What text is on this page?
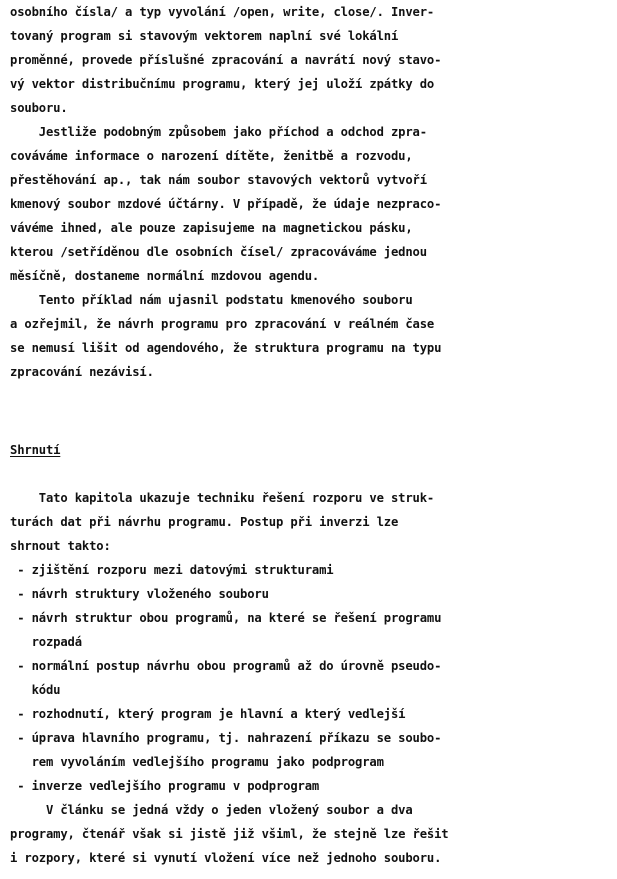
osobního čísla/ a typ vyvolání /open, write, close/. Inver-
tovaný program si stavovým vektorem naplní své lokální
proměnné, provede příslušné zpracování a navrátí nový stavo-
vý vektor distribučnímu programu, který jej uloží zpátky do
souboru.
Jestliže podobným způsobem jako příchod a odchod zpra-
cováváme informace o narození dítěte, ženitbě a rozvodu,
přestěhování ap., tak nám soubor stavových vektorů vytvoří
kmenový soubor mzdové účtárny. V případě, že údaje nezpraco-
vávéme ihned, ale pouze zapisujeme na magnetickou pásku,
kterou /setříděnou dle osobních čísel/ zpracováváme jednou
měsíčně, dostaneme normální mzdovou agendu.
Tento příklad nám ujasnil podstatu kmenového souboru
a ozřejmil, že návrh programu pro zpracování v reálném čase
se nemusí lišit od agendového, že struktura programu na typu
zpracování nezávisí.
Shrnutí
Tato kapitola ukazuje techniku řešení rozporu ve struk-
turách dat při návrhu programu. Postup při inverzi lze
shrnout takto:
- zjištění rozporu mezi datovými strukturami
- návrh struktury vloženého souboru
- návrh struktur obou programů, na které se řešení programu
rozpadá
- normální postup návrhu obou programů až do úrovně pseudo-
kódu
- rozhodnutí, který program je hlavní a který vedlejší
- úprava hlavního programu, tj. nahrazení příkazu se soubo-
rem vyvoláním vedlejšího programu jako podprogram
- inverze vedlejšího programu v podprogram
V článku se jedná vždy o jeden vložený soubor a dva
programy, čtenář však si jistě již všiml, že stejně lze řešit
i rozpory, které si vynutí vložení více než jednoho souboru.
